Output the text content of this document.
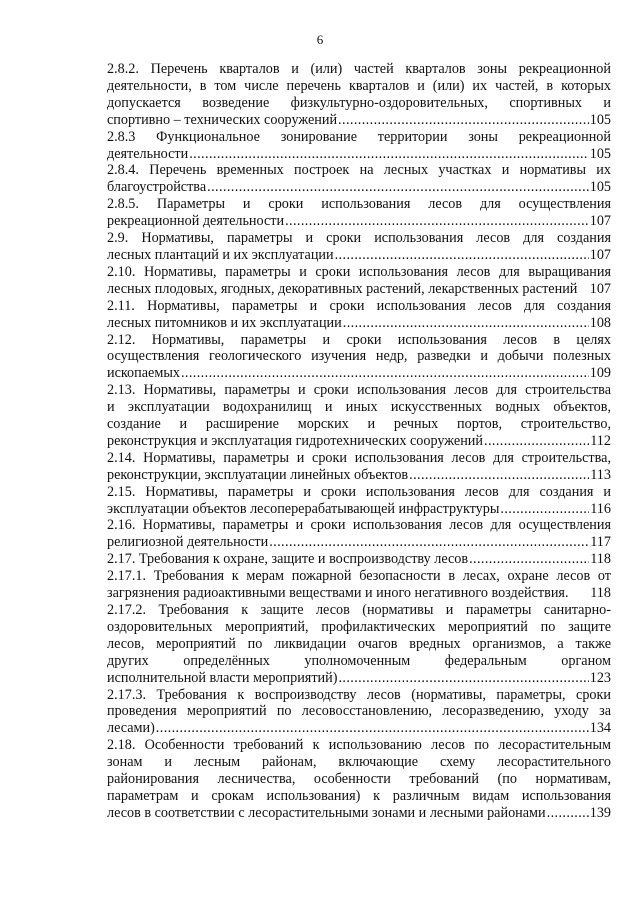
6
2.8.2. Перечень кварталов и (или) частей кварталов зоны рекреационной
деятельности, в том числе перечень кварталов и (или) их частей, в которых
допускается возведение физкультурно-оздоровительных, спортивных и
спортивно – технических сооружений .....	105
2.8.3 Функциональное зонирование территории зоны рекреационной
деятельности .....	105
2.8.4. Перечень временных построек на лесных участках и нормативы их
благоустройства .....	105
2.8.5. Параметры и сроки использования лесов для осуществления
рекреационной деятельности .....	107
2.9. Нормативы, параметры и сроки использования лесов для создания
лесных плантаций и их эксплуатации .....	107
2.10. Нормативы, параметры и сроки использования лесов для выращивания
лесных плодовых, ягодных, декоративных растений, лекарственных растений 107
2.11. Нормативы, параметры и сроки использования лесов для создания
лесных питомников и их эксплуатации .....	108
2.12. Нормативы, параметры и сроки использования лесов в целях
осуществления геологического изучения недр, разведки и добычи полезных
ископаемых .....	109
2.13. Нормативы, параметры и сроки использования лесов для строительства
и эксплуатации водохранилищ и иных искусственных водных объектов,
создание и расширение морских и речных портов, строительство,
реконструкция и эксплуатация гидротехнических сооружений .....	112
2.14. Нормативы, параметры и сроки использования лесов для строительства,
реконструкции, эксплуатации линейных объектов .....	113
2.15. Нормативы, параметры и сроки использования лесов для создания и
эксплуатации объектов лесоперерабатывающей инфраструктуры .....	116
2.16. Нормативы, параметры и сроки использования лесов для осуществления
религиозной деятельности .....	117
2.17. Требования к охране, защите и воспроизводству лесов .....	118
2.17.1. Требования к мерам пожарной безопасности в лесах, охране лесов от
загрязнения радиоактивными веществами и иного негативного воздействия.	118
2.17.2. Требования к защите лесов (нормативы и параметры санитарно-
оздоровительных мероприятий, профилактических мероприятий по защите
лесов, мероприятий по ликвидации очагов вредных организмов, а также
других определённых уполномоченным федеральным органом
исполнительной власти мероприятий) .....	123
2.17.3. Требования к воспроизводству лесов (нормативы, параметры, сроки
проведения мероприятий по лесовосстановлению, лесоразведению, уходу за
лесами) .....	134
2.18. Особенности требований к использованию лесов по лесорастительным
зонам и лесным районам, включающие схему лесорастительного
районирования лесничества, особенности требований (по нормативам,
параметрам и срокам использования) к различным видам использования
лесов в соответствии с лесорастительными зонами и лесными районами .....	139
